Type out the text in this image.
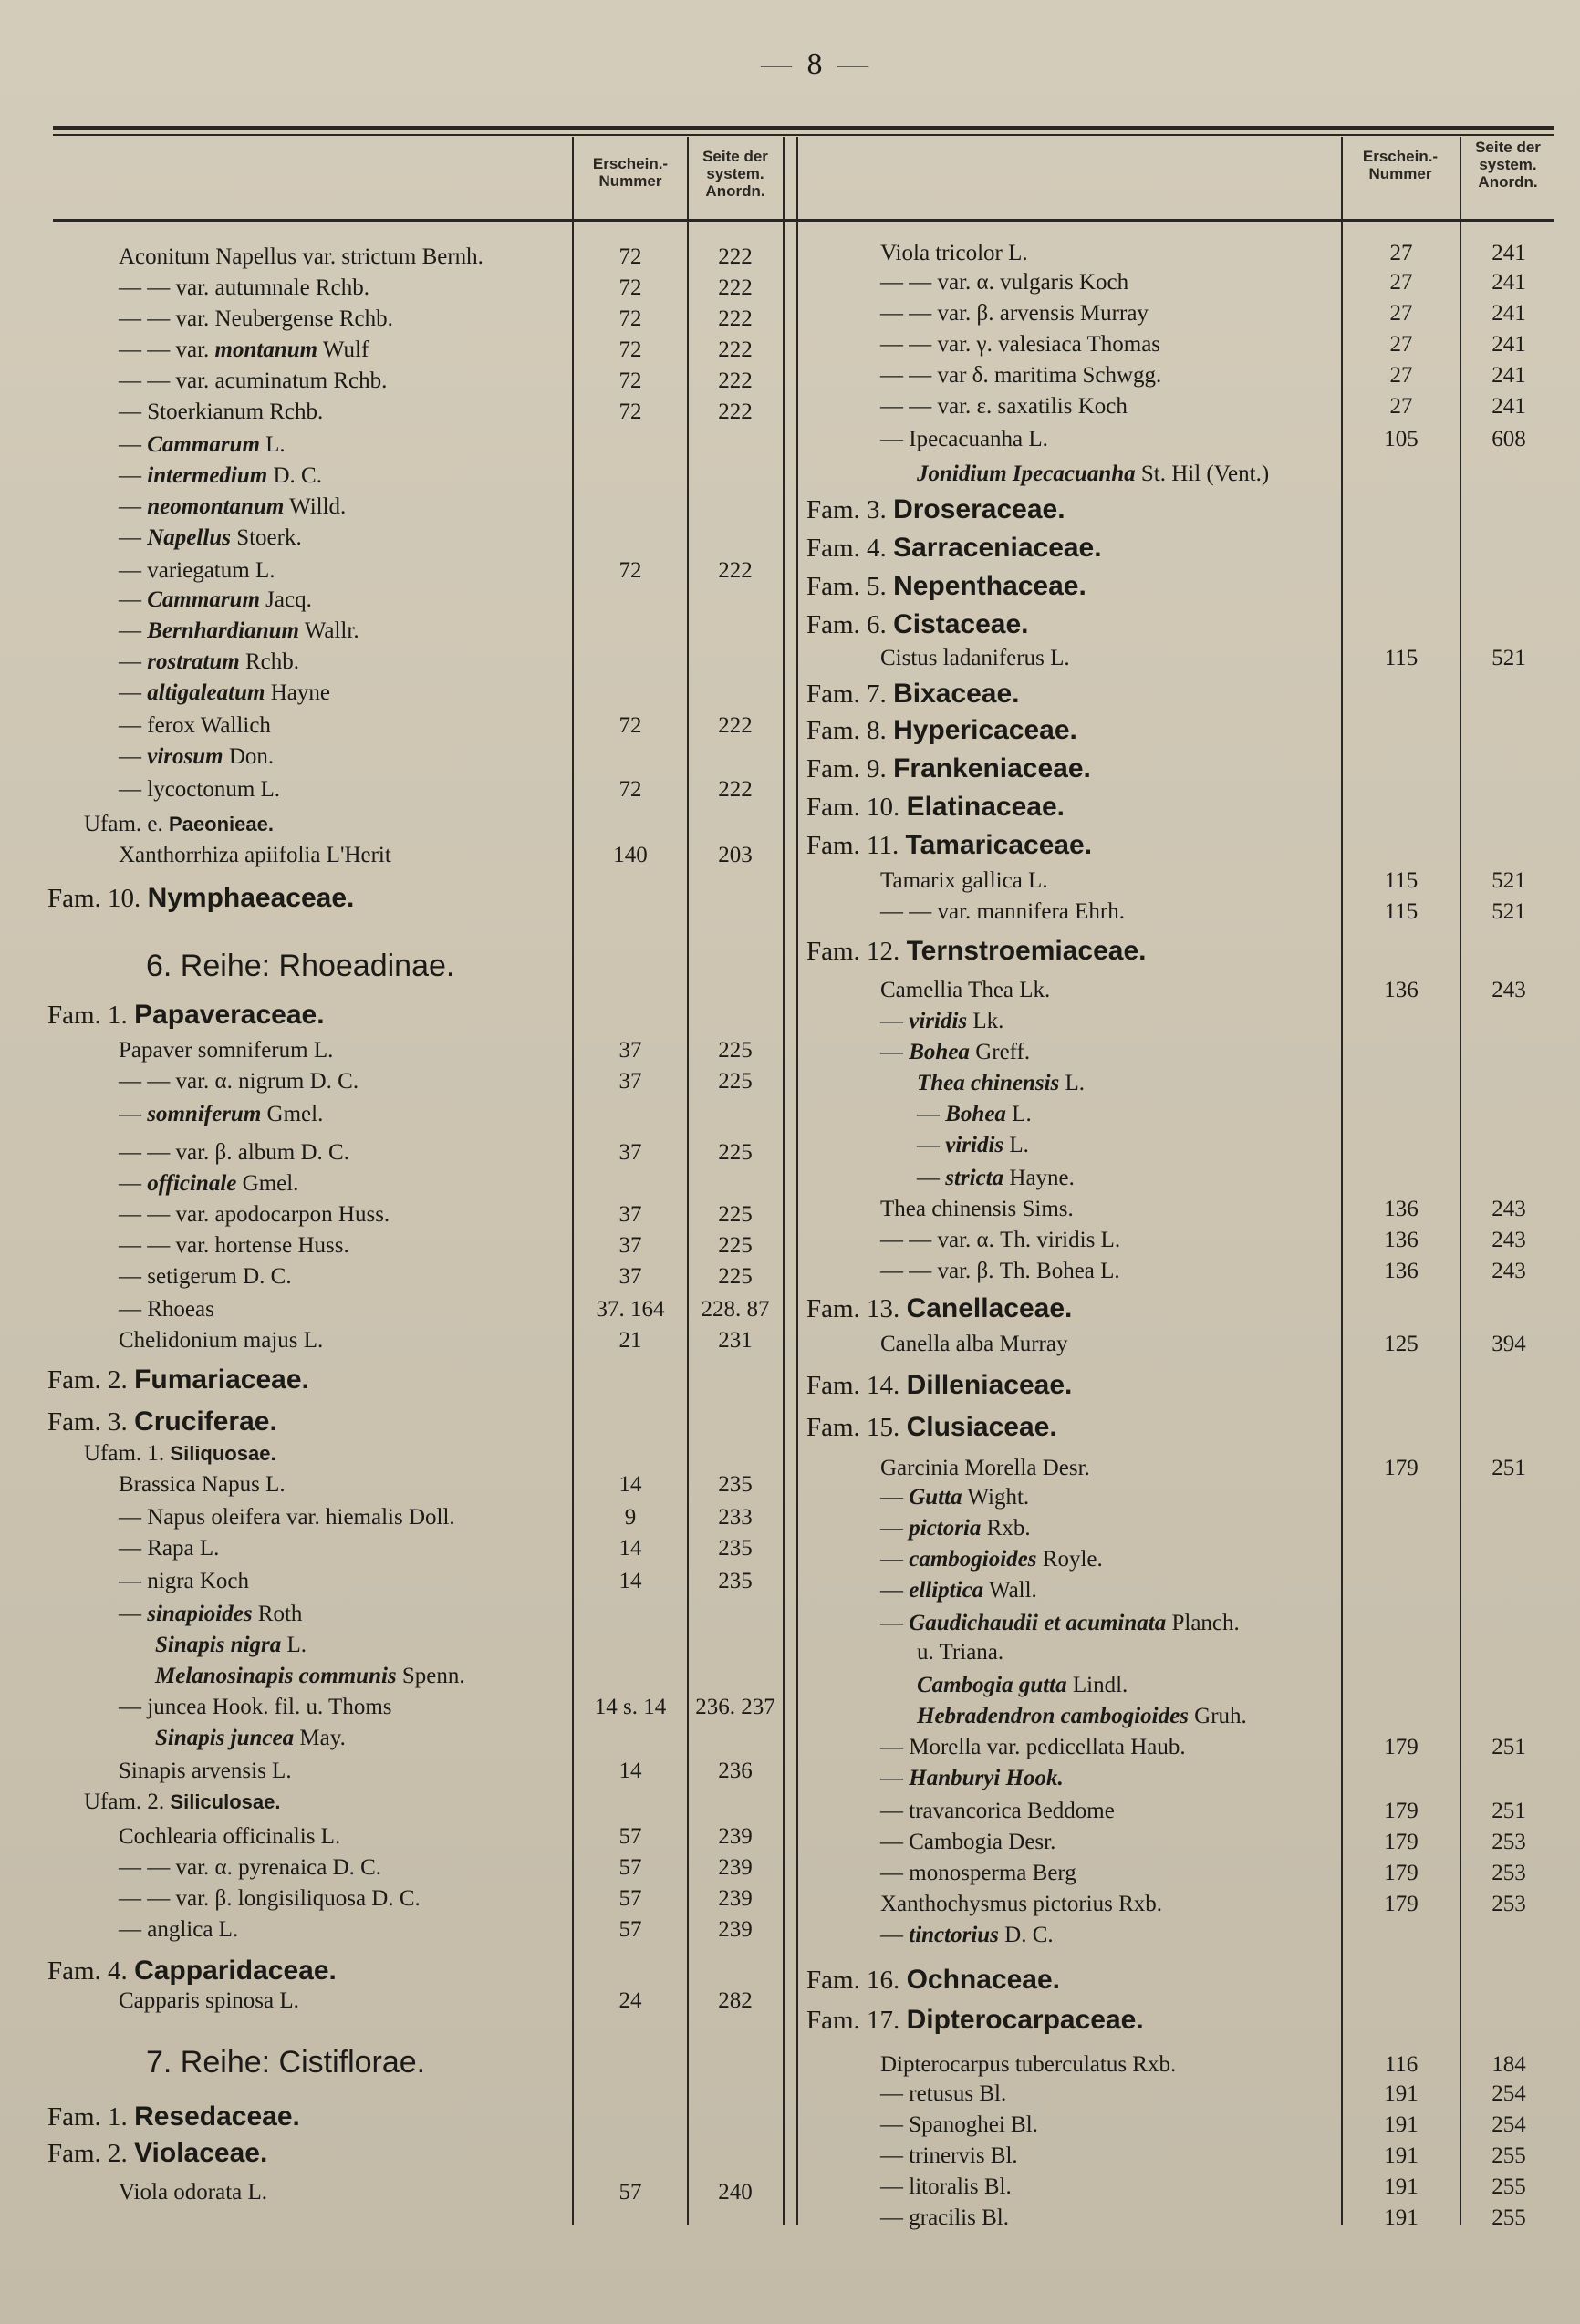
— 8 —
Erschein.-
Nummer
Seite der
system.
Anordn.
Erschein.-
Nummer
Seite der
system.
Anordn.
Aconitum Napellus var. strictum Bernh.	72	222
— — var. autumnale Rchb.	72	222
— — var. Neubergense Rchb.	72	222
— — var. montanum Wulf	72	222
— — var. acuminatum Rchb.	72	222
— Stoerkianum Rchb.	72	222
— Cammarum L.
— intermedium D. C.
— neomontanum Willd.
— Napellus Stoerk.
— variegatum L.	72	222
— Cammarum Jacq.
— Bernhardianum Wallr.
— rostratum Rchb.
— altigaleatum Hayne
— ferox Wallich	72	222
— virosum Don.
— lycoctonum L.	72	222
Ufam. e. Paeonieae.
Xanthorrhiza apiifolia L'Herit	140	203
Fam. 10. Nymphaeaceae.
6. Reihe: Rhoeadinae.
Fam. 1. Papaveraceae.
Papaver somniferum L.	37	225
— — var. α. nigrum D. C.	37	225
— somniferum Gmel.
— — var. β. album D. C.	37	225
— officinale Gmel.
— — var. apodocarpon Huss.	37	225
— — var. hortense Huss.	37	225
— setigerum D. C.	37	225
— Rhoeas	37. 164	228. 87
Chelidonium majus L.	21	231
Fam. 2. Fumariaceae.
Fam. 3. Cruciferae.
Ufam. 1. Siliquosae.
Brassica Napus L.	14	235
— Napus oleifera var. hiemalis Doll.	9	233
— Rapa L.	14	235
— nigra Koch	14	235
— sinapioides Roth
Sinapis nigra L.
Melanosinapis communis Spenn.
— juncea Hook. fil. u. Thoms	14 s. 14	236. 237
Sinapis juncea May.
Sinapis arvensis L.	14	236
Ufam. 2. Siliculosae.
Cochlearia officinalis L.	57	239
— — var. α. pyrenaica D. C.	57	239
— — var. β. longisiliquosa D. C.	57	239
— anglica L.	57	239
Fam. 4. Capparidaceae.
Capparis spinosa L.	24	282
7. Reihe: Cistiflorae.
Fam. 1. Resedaceae.
Fam. 2. Violaceae.
Viola odorata L.	57	240
Viola tricolor L.	27	241
— — var. α. vulgaris Koch	27	241
— — var. β. arvensis Murray	27	241
— — var. γ. valesiaca Thomas	27	241
— — var δ. maritima Schwgg.	27	241
— — var. ε. saxatilis Koch	27	241
— Ipecacuanha L.	105	608
Jonidium Ipecacuanha St. Hil (Vent.)
Fam. 3. Droseraceae.
Fam. 4. Sarraceniaceae.
Fam. 5. Nepenthaceae.
Fam. 6. Cistaceae.
Cistus ladaniferus L.	115	521
Fam. 7. Bixaceae.
Fam. 8. Hypericaceae.
Fam. 9. Frankeniaceae.
Fam. 10. Elatinaceae.
Fam. 11. Tamaricaceae.
Tamarix gallica L.	115	521
— — var. mannifera Ehrh.	115	521
Fam. 12. Ternstroemiaceae.
Camellia Thea Lk.	136	243
— viridis Lk.
— Bohea Greff.
Thea chinensis L.
— Bohea L.
— viridis L.
— stricta Hayne.
Thea chinensis Sims.	136	243
— — var. α. Th. viridis L.	136	243
— — var. β. Th. Bohea L.	136	243
Fam. 13. Canellaceae.
Canella alba Murray	125	394
Fam. 14. Dilleniaceae.
Fam. 15. Clusiaceae.
Garcinia Morella Desr.	179	251
— Gutta Wight.
— pictoria Rxb.
— cambogioides Royle.
— elliptica Wall.
— Gaudichaudii et acuminata Planch.
u. Triana.
Cambogia gutta Lindl.
Hebradendron cambogioides Gruh.
— Morella var. pedicellata Haub.	179	251
— Hanburyi Hook.
— travancorica Beddome	179	251
— Cambogia Desr.	179	253
— monosperma Berg	179	253
Xanthochysmus pictorius Rxb.	179	253
— tinctorius D. C.
Fam. 16. Ochnaceae.
Fam. 17. Dipterocarpaceae.
Dipterocarpus tuberculatus Rxb.	116	184
— retusus Bl.	191	254
— Spanoghei Bl.	191	254
— trinervis Bl.	191	255
— litoralis Bl.	191	255
— gracilis Bl.	191	255
